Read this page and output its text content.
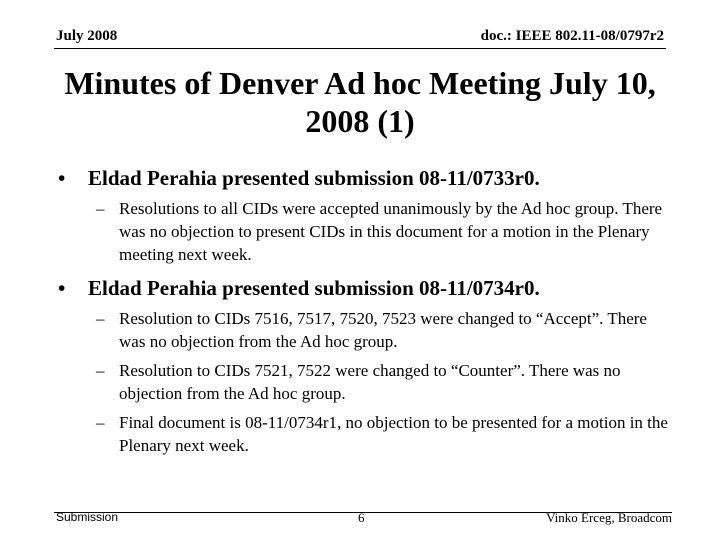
July 2008	doc.: IEEE 802.11-08/0797r2
Minutes of Denver Ad hoc Meeting July 10,
2008 (1)
• Eldad Perahia presented submission 08-11/0733r0.
– Resolutions to all CIDs were accepted unanimously by the Ad hoc group. There was no objection to present CIDs in this document for a motion in the Plenary meeting next week.
• Eldad Perahia presented submission 08-11/0734r0.
– Resolution to CIDs 7516, 7517, 7520, 7523 were changed to “Accept”. There was no objection from the Ad hoc group.
– Resolution to CIDs 7521, 7522 were changed to “Counter”. There was no objection from the Ad hoc group.
– Final document is 08-11/0734r1, no objection to be presented for a motion in the Plenary next week.
Submission	6	Vinko Erceg, Broadcom
